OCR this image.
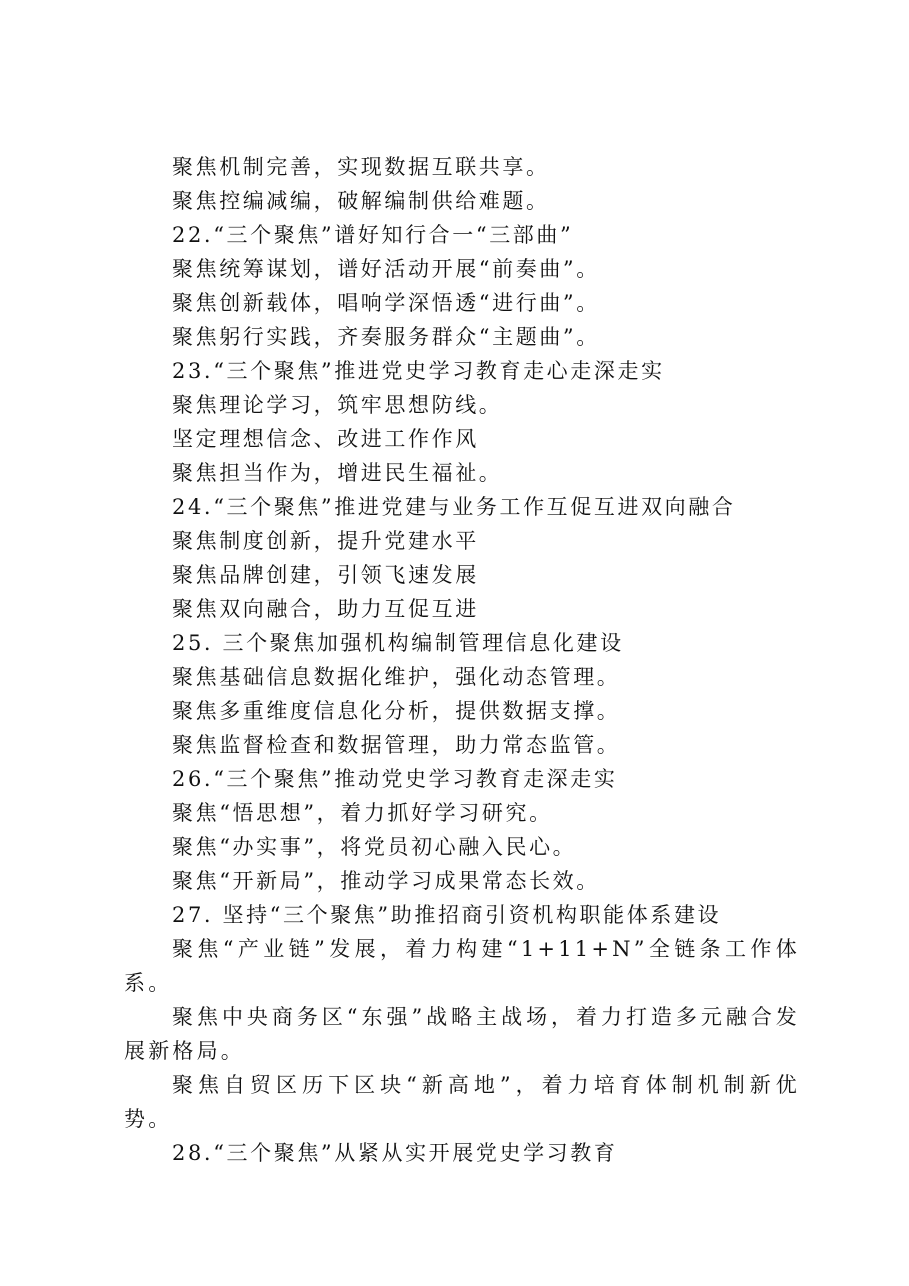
聚焦机制完善，实现数据互联共享。

聚焦控编减编，破解编制供给难题。

22.“三个聚焦”谱好知行合一“三部曲”

聚焦统筹谋划，谱好活动开展“前奏曲”。

聚焦创新载体，唱响学深悟透“进行曲”。

聚焦躬行实践，齐奏服务群众“主题曲”。

23.“三个聚焦”推进党史学习教育走心走深走实

聚焦理论学习，筑牢思想防线。

坚定理想信念、改进工作作风

聚焦担当作为，增进民生福祉。

24.“三个聚焦”推进党建与业务工作互促互进双向融合

聚焦制度创新，提升党建水平

聚焦品牌创建，引领飞速发展

聚焦双向融合，助力互促互进

25. 三个聚焦加强机构编制管理信息化建设

聚焦基础信息数据化维护，强化动态管理。

聚焦多重维度信息化分析，提供数据支撑。

聚焦监督检查和数据管理，助力常态监管。

26.“三个聚焦”推动党史学习教育走深走实

聚焦“悟思想”，着力抓好学习研究。

聚焦“办实事”，将党员初心融入民心。

聚焦“开新局”，推动学习成果常态长效。

27. 坚持“三个聚焦”助推招商引资机构职能体系建设

聚焦“产业链”发展，着力构建“1+11+N”全链条工作体系。

聚焦中央商务区“东强”战略主战场，着力打造多元融合发展新格局。

聚焦自贸区历下区块“新高地”，着力培育体制机制新优势。

28.“三个聚焦”从紧从实开展党史学习教育
